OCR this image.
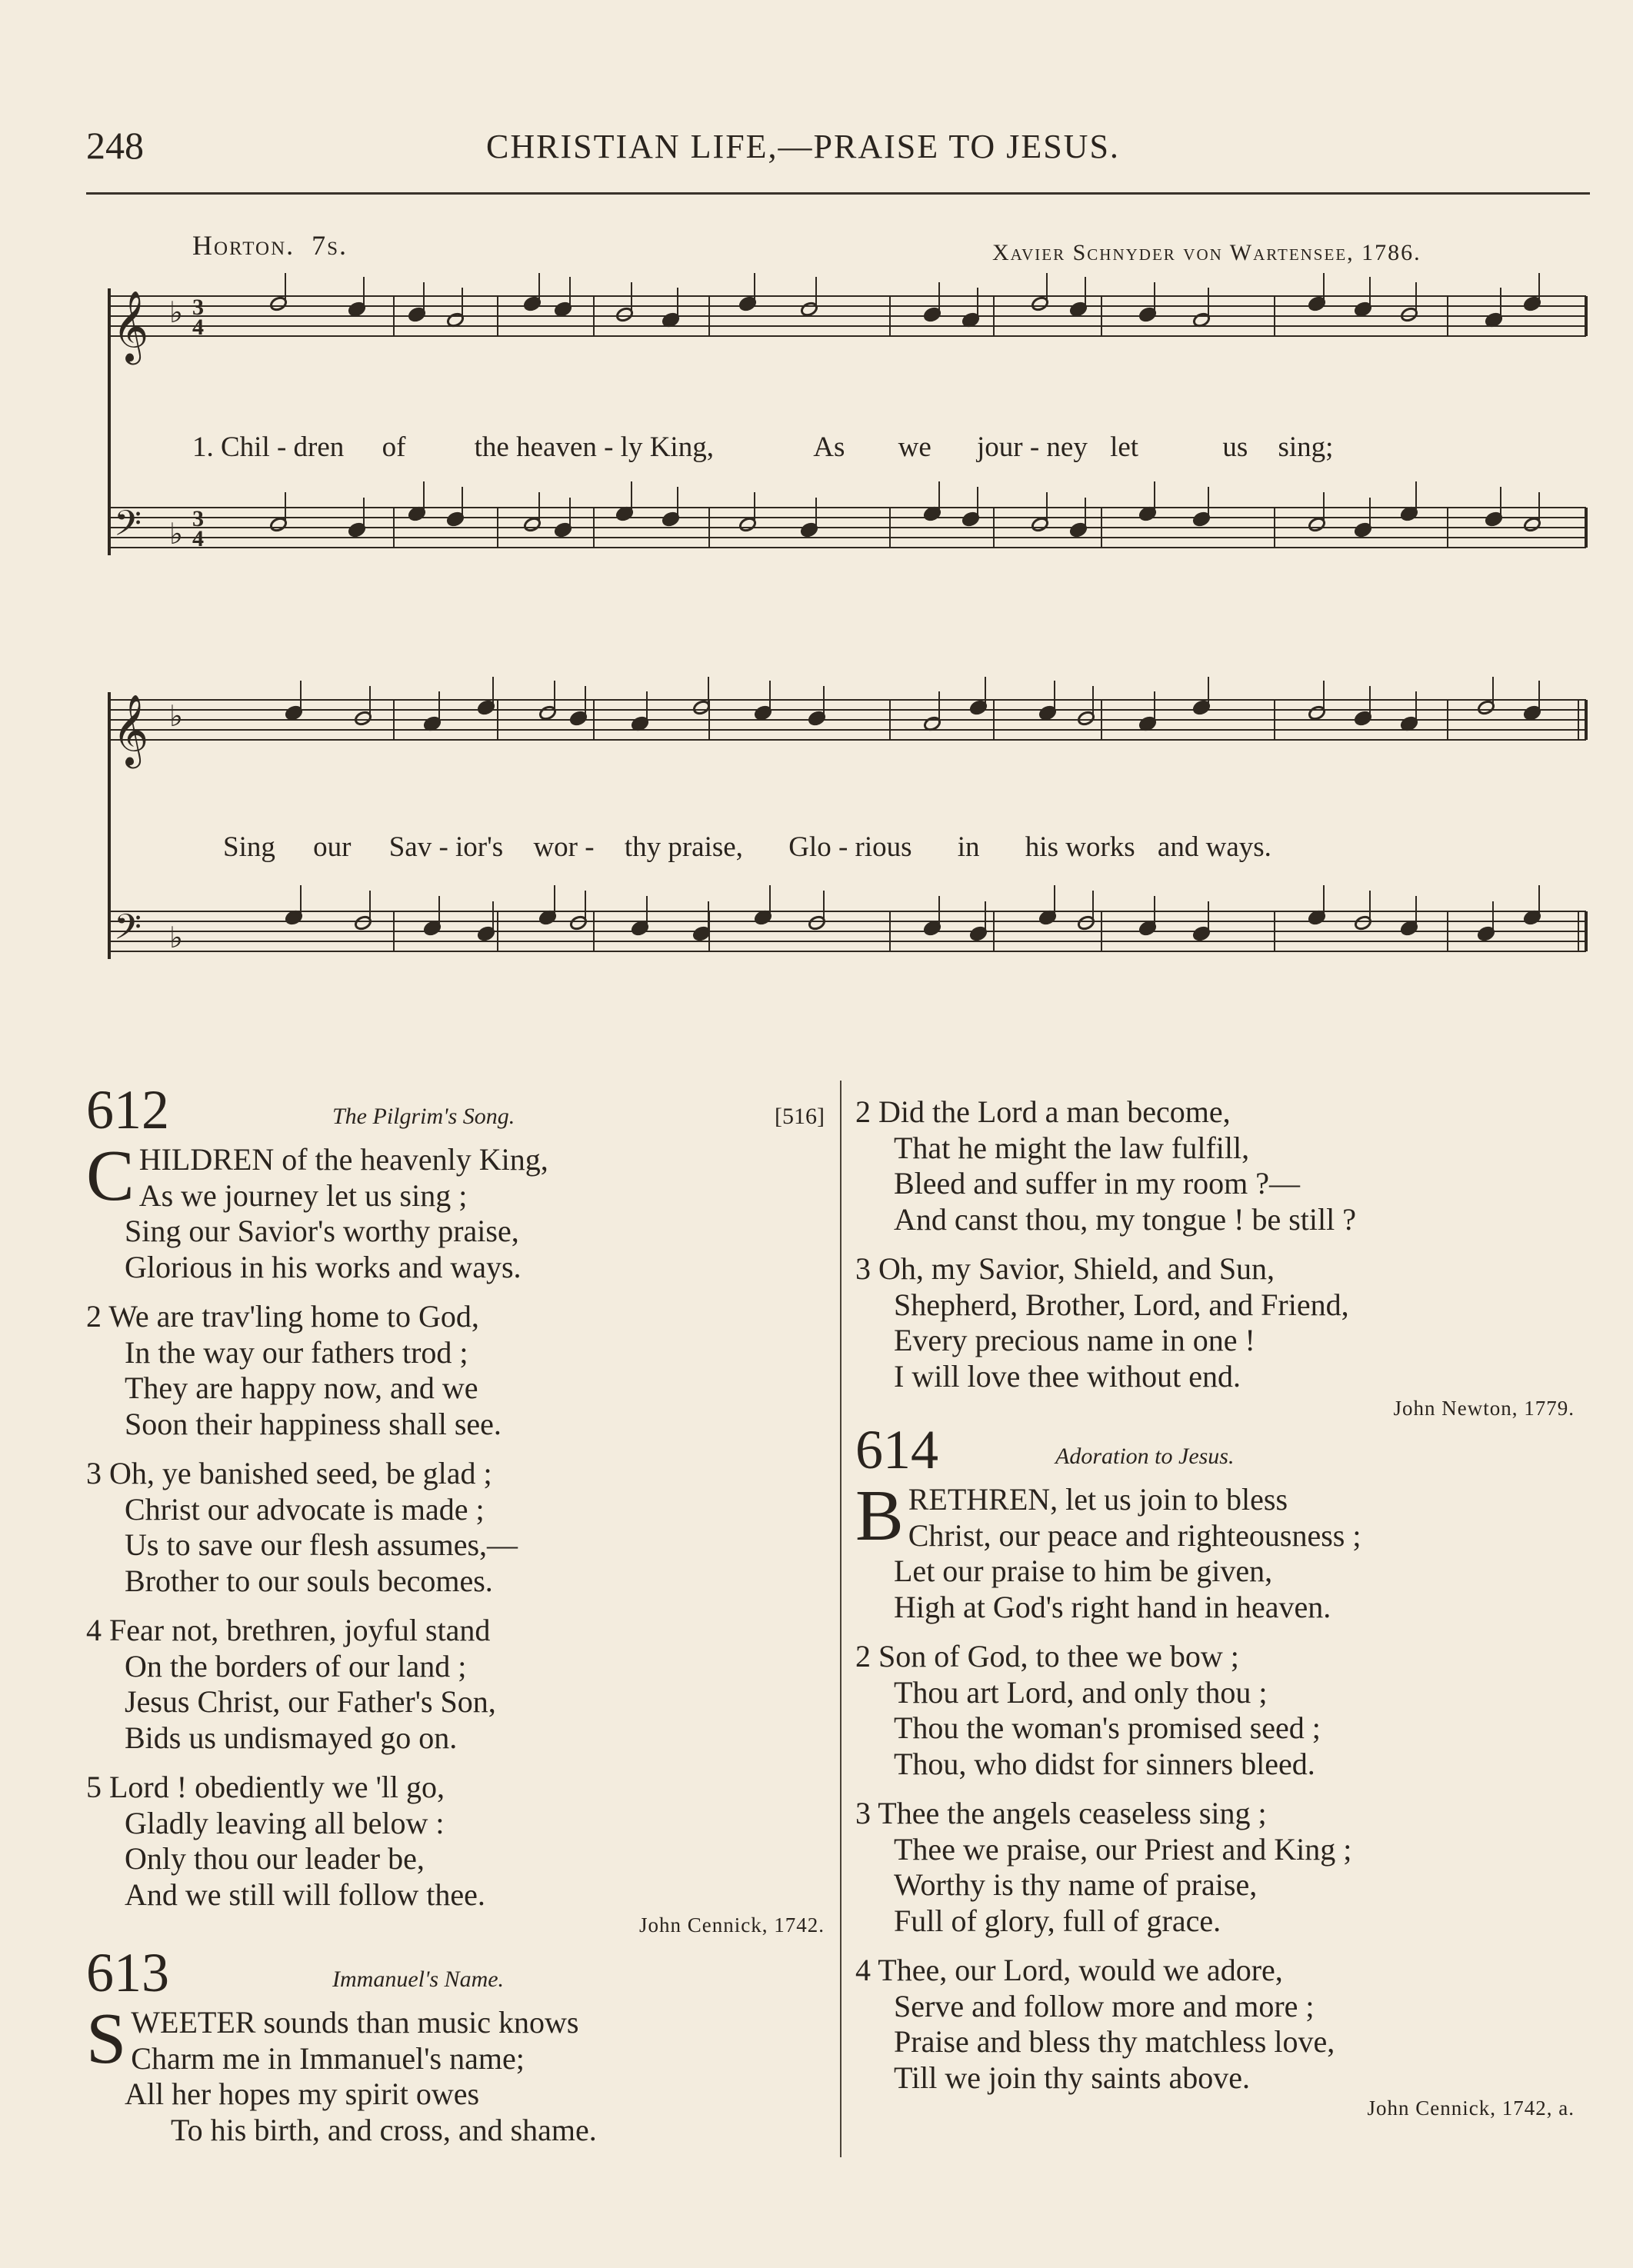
248	CHRISTIAN LIFE,—PRAISE TO JESUS.
Horton. 7s.	Xavier Schnyder von Wartensee, 1786.
𝄞
𝄢
♭
♭
3
4
3
4
1. Chil - dren of the heaven - ly King,	As we jour - ney let	us sing;
𝄞
𝄢
♭
♭
Sing our Sav - ior's wor - thy praise, Glo - rious in his works and ways.
612	The Pilgrim's Song.	[516]
C HILDREN of the heavenly King,
As we journey let us sing ;
Sing our Savior's worthy praise,
Glorious in his works and ways.
2 We are trav'ling home to God,
In the way our fathers trod ;
They are happy now, and we
Soon their happiness shall see.
3 Oh, ye banished seed, be glad ;
Christ our advocate is made ;
Us to save our flesh assumes,—
Brother to our souls becomes.
4 Fear not, brethren, joyful stand
On the borders of our land ;
Jesus Christ, our Father's Son,
Bids us undismayed go on.
5 Lord ! obediently we 'll go,
Gladly leaving all below :
Only thou our leader be,
And we still will follow thee.
John Cennick, 1742.
613	Immanuel's Name.
S WEETER sounds than music knows
Charm me in Immanuel's name;
All her hopes my spirit owes
To his birth, and cross, and shame.
2 Did the Lord a man become,
That he might the law fulfill,
Bleed and suffer in my room ?—
And canst thou, my tongue ! be still ?
3 Oh, my Savior, Shield, and Sun,
Shepherd, Brother, Lord, and Friend,
Every precious name in one !
I will love thee without end.
John Newton, 1779.
614	Adoration to Jesus.
B RETHREN, let us join to bless
Christ, our peace and righteousness ;
Let our praise to him be given,
High at God's right hand in heaven.
2 Son of God, to thee we bow ;
Thou art Lord, and only thou ;
Thou the woman's promised seed ;
Thou, who didst for sinners bleed.
3 Thee the angels ceaseless sing ;
Thee we praise, our Priest and King ;
Worthy is thy name of praise,
Full of glory, full of grace.
4 Thee, our Lord, would we adore,
Serve and follow more and more ;
Praise and bless thy matchless love,
Till we join thy saints above.
John Cennick, 1742, a.
